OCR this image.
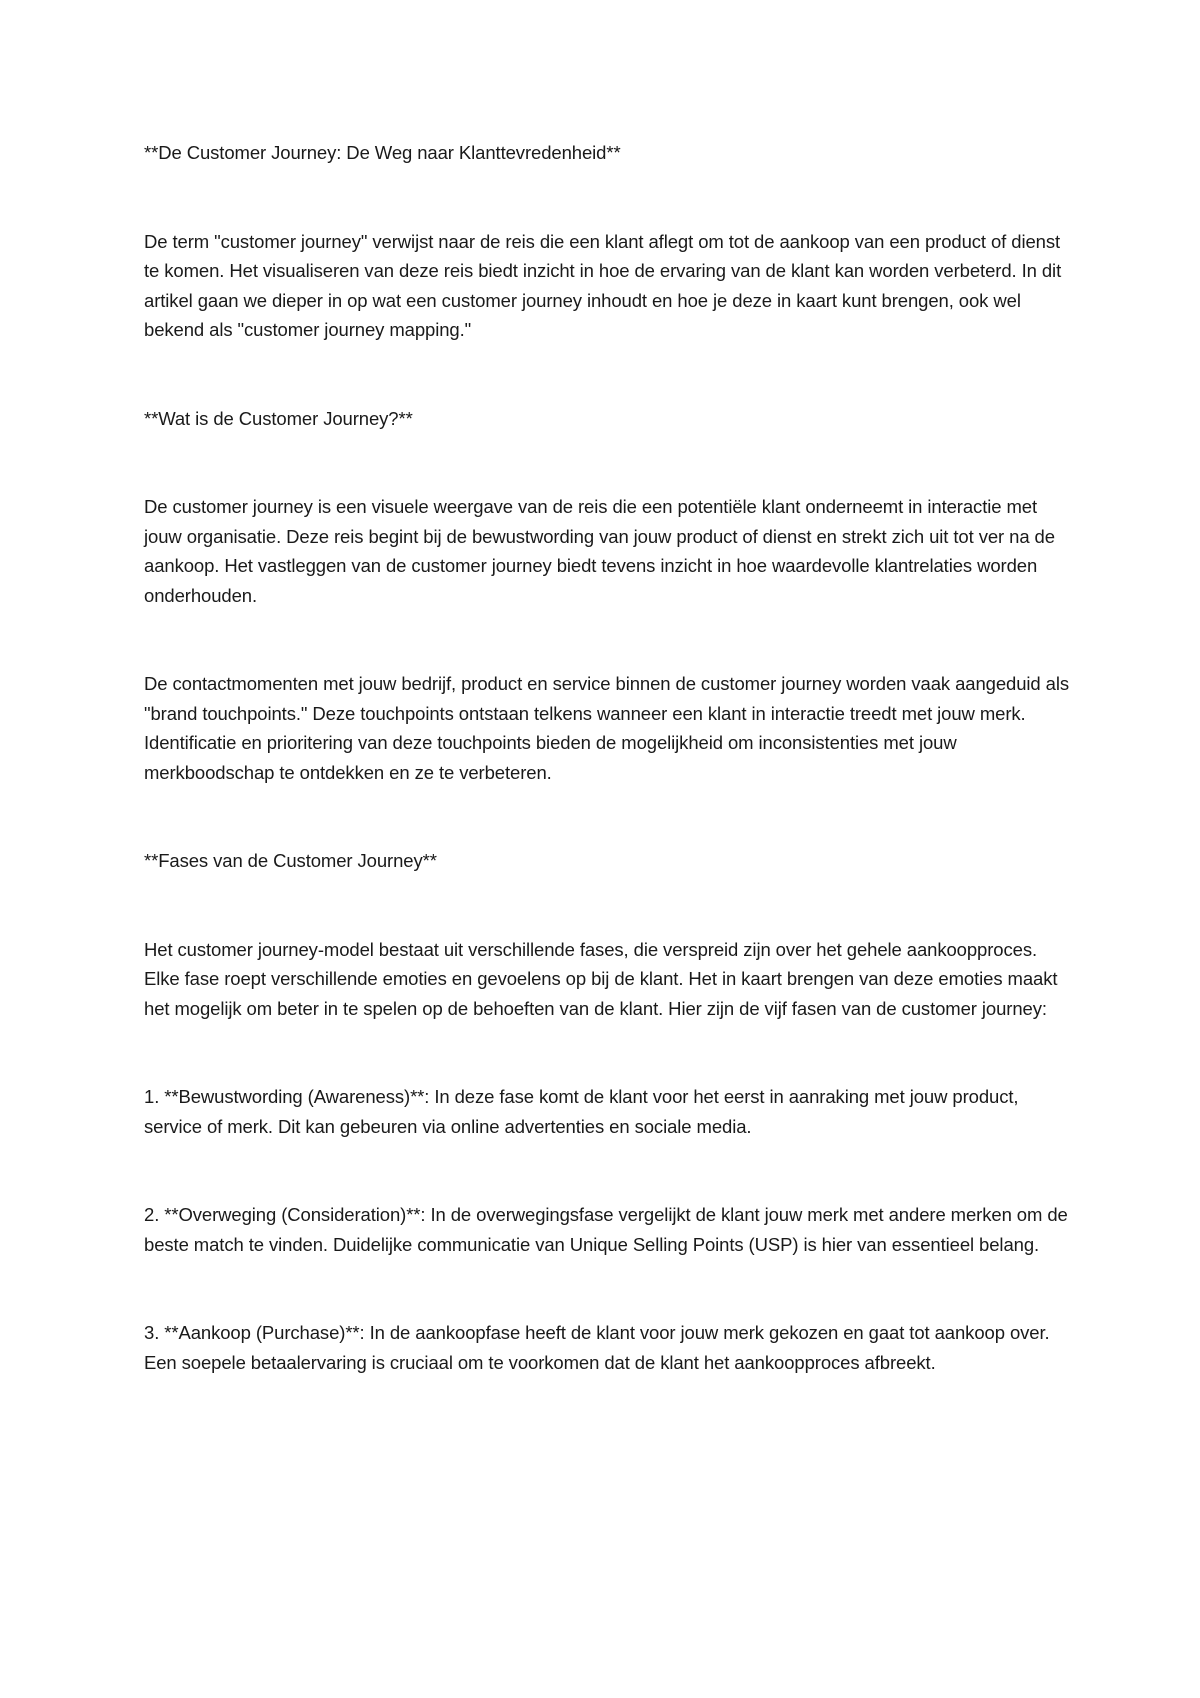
**De Customer Journey: De Weg naar Klanttevredenheid**

De term "customer journey" verwijst naar de reis die een klant aflegt om tot de aankoop van een product of dienst te komen. Het visualiseren van deze reis biedt inzicht in hoe de ervaring van de klant kan worden verbeterd. In dit artikel gaan we dieper in op wat een customer journey inhoudt en hoe je deze in kaart kunt brengen, ook wel bekend als "customer journey mapping."

**Wat is de Customer Journey?**

De customer journey is een visuele weergave van de reis die een potentiële klant onderneemt in interactie met jouw organisatie. Deze reis begint bij de bewustwording van jouw product of dienst en strekt zich uit tot ver na de aankoop. Het vastleggen van de customer journey biedt tevens inzicht in hoe waardevolle klantrelaties worden onderhouden.

De contactmomenten met jouw bedrijf, product en service binnen de customer journey worden vaak aangeduid als "brand touchpoints." Deze touchpoints ontstaan telkens wanneer een klant in interactie treedt met jouw merk. Identificatie en prioritering van deze touchpoints bieden de mogelijkheid om inconsistenties met jouw merkboodschap te ontdekken en ze te verbeteren.

**Fases van de Customer Journey**

Het customer journey-model bestaat uit verschillende fases, die verspreid zijn over het gehele aankoopproces. Elke fase roept verschillende emoties en gevoelens op bij de klant. Het in kaart brengen van deze emoties maakt het mogelijk om beter in te spelen op de behoeften van de klant. Hier zijn de vijf fasen van de customer journey:

1. **Bewustwording (Awareness)**: In deze fase komt de klant voor het eerst in aanraking met jouw product, service of merk. Dit kan gebeuren via online advertenties en sociale media.

2. **Overweging (Consideration)**: In de overwegingsfase vergelijkt de klant jouw merk met andere merken om de beste match te vinden. Duidelijke communicatie van Unique Selling Points (USP) is hier van essentieel belang.

3. **Aankoop (Purchase)**: In de aankoopfase heeft de klant voor jouw merk gekozen en gaat tot aankoop over. Een soepele betaalervaring is cruciaal om te voorkomen dat de klant het aankoopproces afbreekt.
